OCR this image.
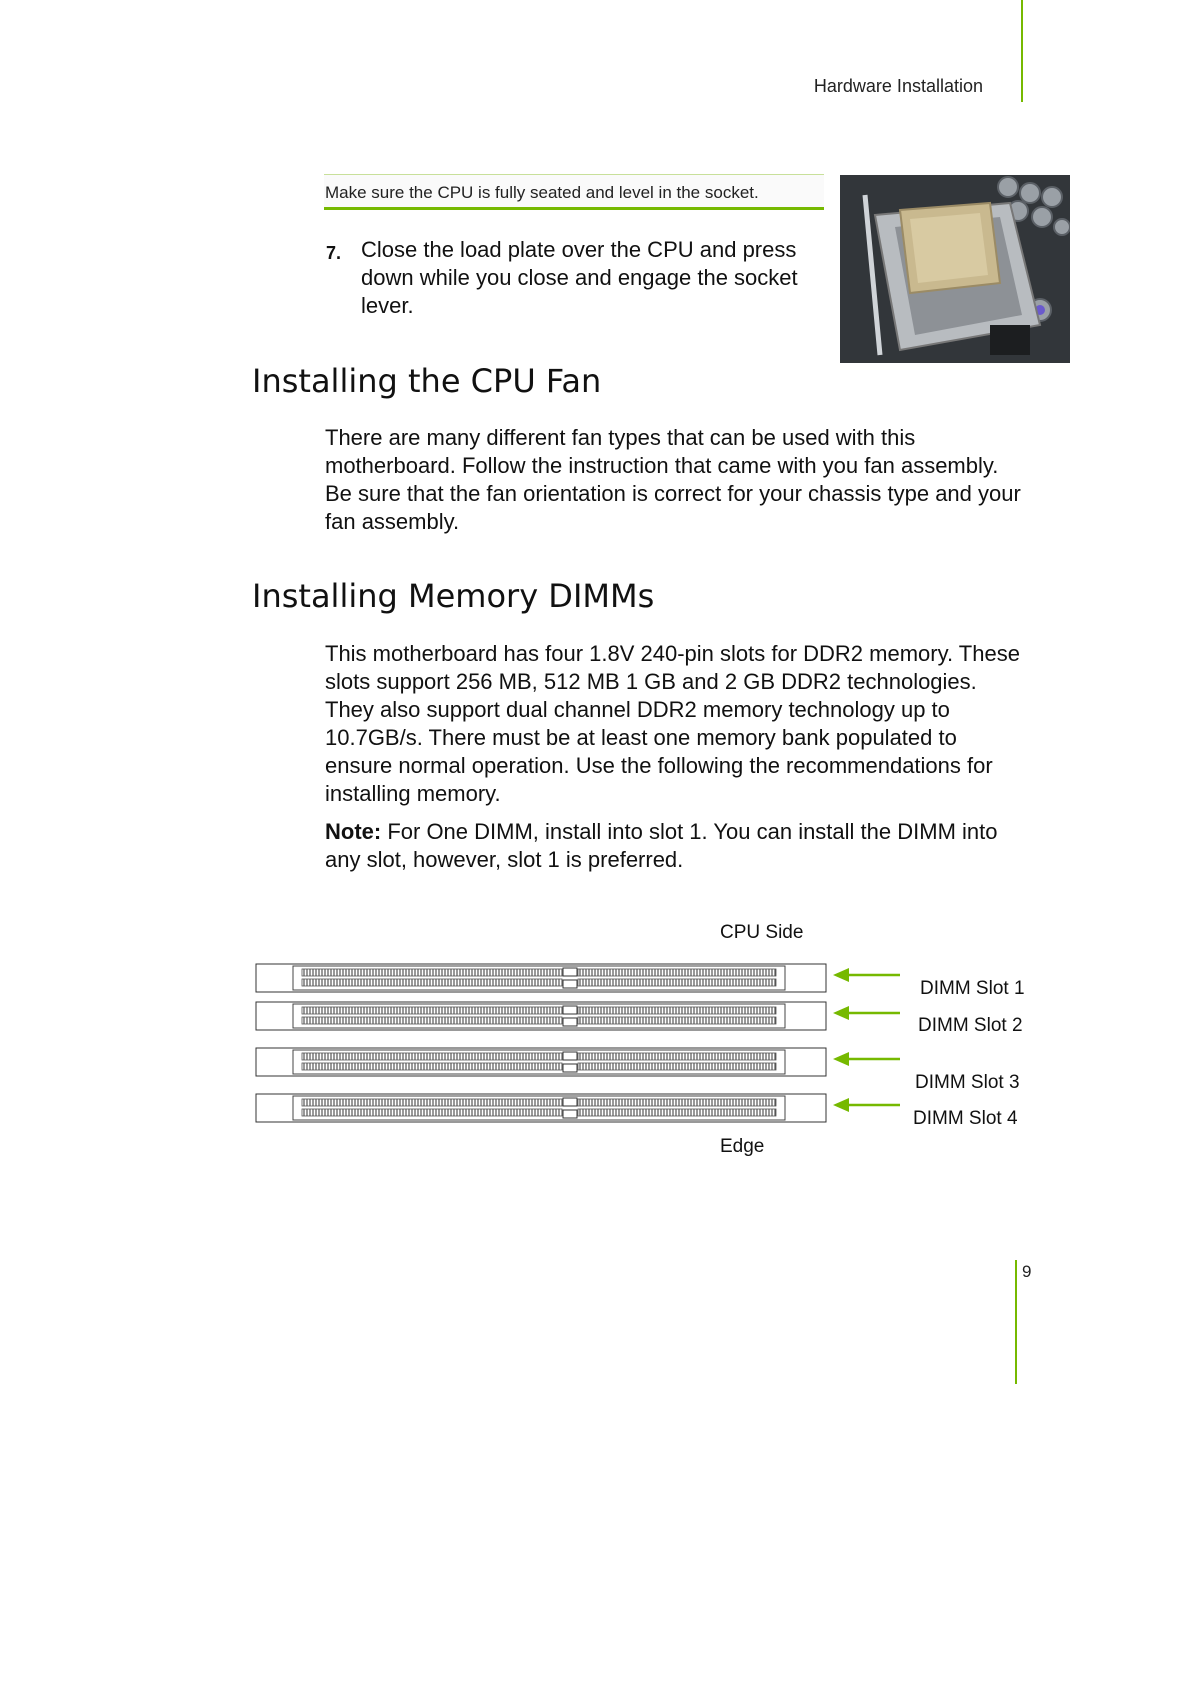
Hardware Installation
Make sure the CPU is fully seated and level in the socket.
7. Close the load plate over the CPU and press down while you close and engage the socket lever.
Installing the CPU Fan
There are many different fan types that can be used with this motherboard. Follow the instruction that came with you fan assembly. Be sure that the fan orientation is correct for your chassis type and your fan assembly.
Installing Memory DIMMs
This motherboard has four 1.8V 240-pin slots for DDR2 memory. These slots support 256 MB, 512 MB 1 GB and 2 GB DDR2 technologies. They also support dual channel DDR2 memory technology up to 10.7GB/s. There must be at least one memory bank populated to ensure normal operation. Use the following the recommendations for installing memory.
Note: For One DIMM, install into slot 1. You can install the DIMM into any slot, however, slot 1 is preferred.
CPU Side
DIMM Slot 1
DIMM Slot 2
DIMM Slot 3
DIMM Slot 4
Edge
9
